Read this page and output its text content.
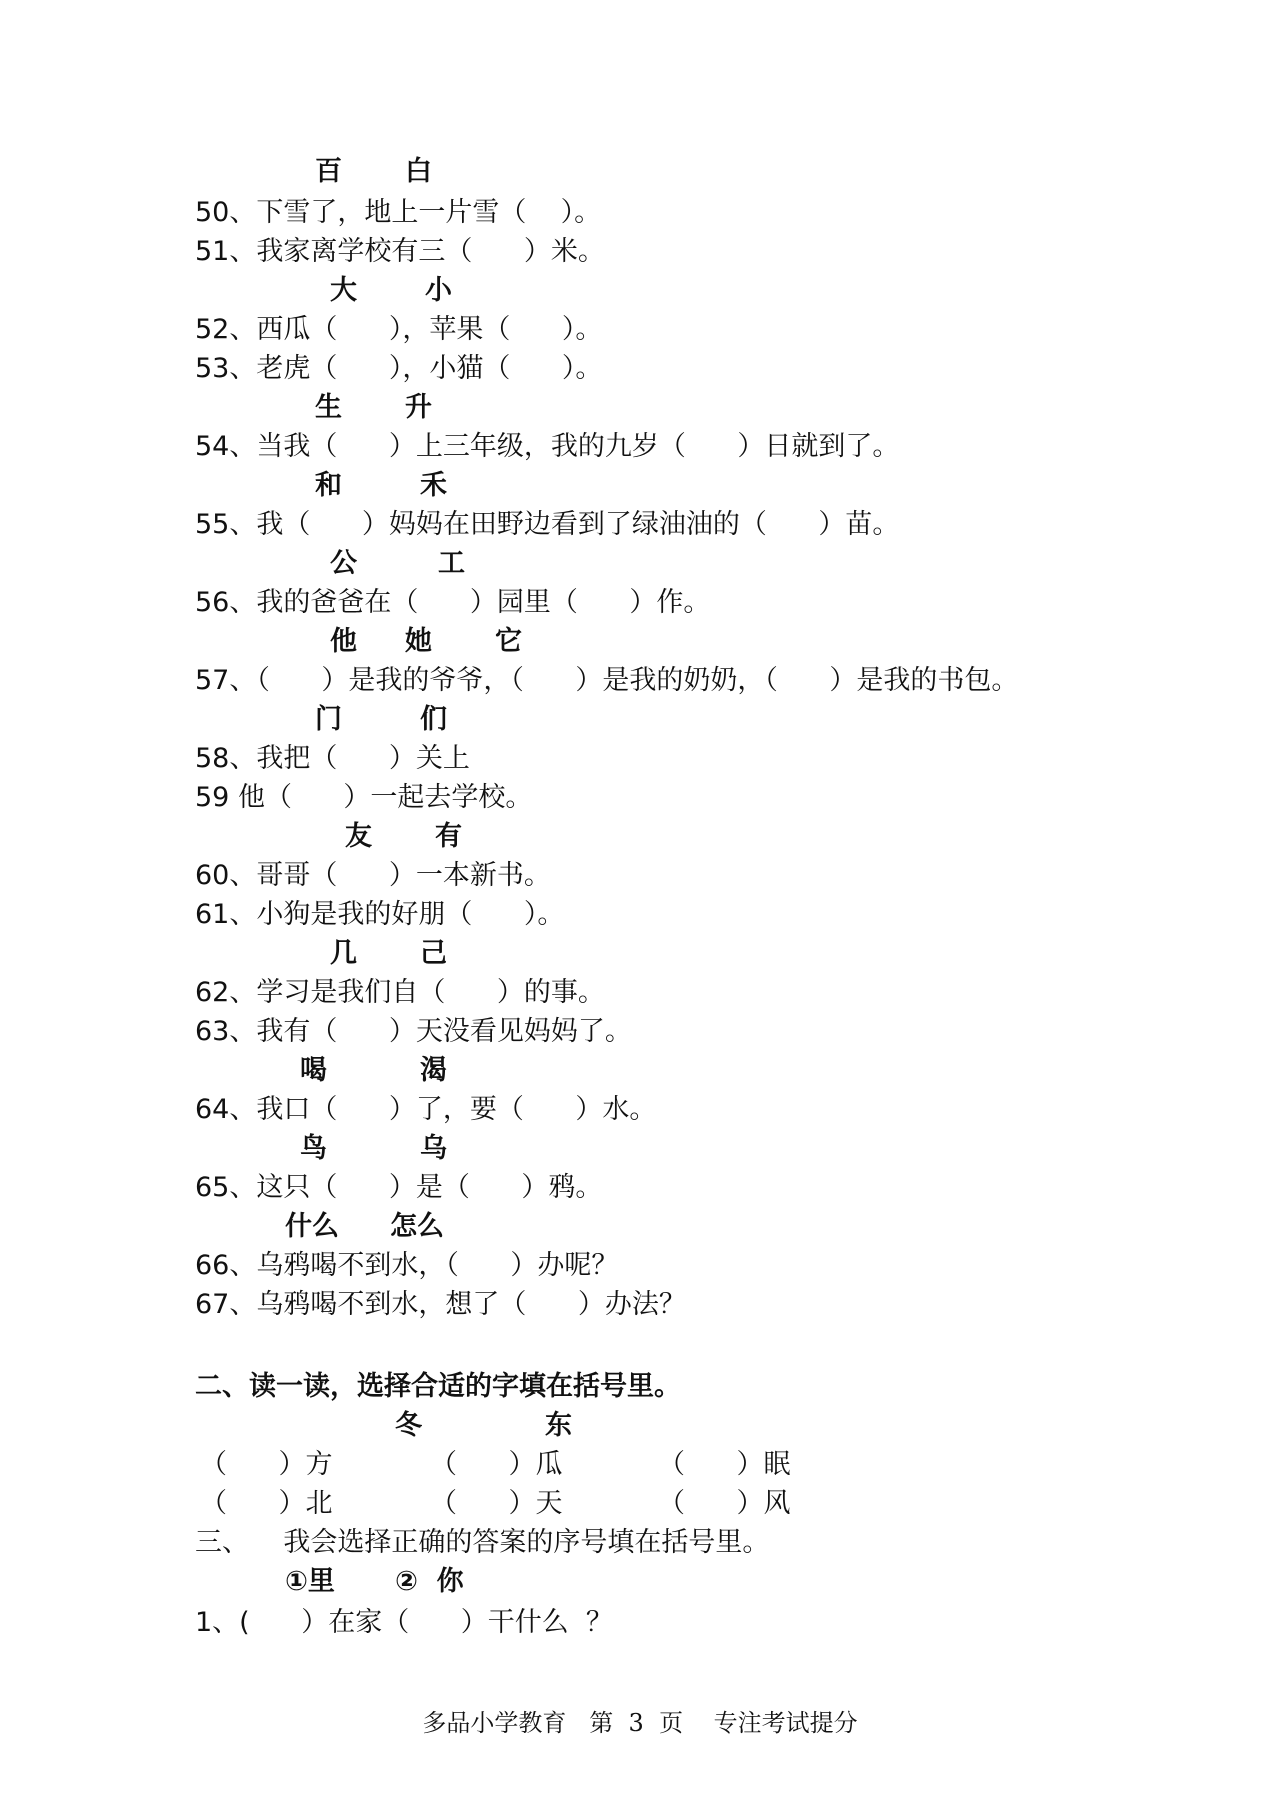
百 白
50、下雪了，地上一片雪（    ）。
51、我家离学校有三（      ）米。
大	小
52、西瓜（      ），苹果（      ）。
53、老虎（      ），小猫（      ）。
生 升
54、当我（      ）上三年级，我的九岁（      ）日就到了。
和	禾
55、我（      ）妈妈在田野边看到了绿油油的（      ）苗。
公	工
56、我的爸爸在（      ）园里（      ）作。
他 她 它
57、（      ）是我的爷爷，（      ）是我的奶奶，（      ）是我的书包。
门	们
58、我把（      ）关上
59 他（      ）一起去学校。
友 有
60、哥哥（      ）一本新书。
61、小狗是我的好朋（      ）。
几 己
62、学习是我们自（      ）的事。
63、我有（      ）天没看见妈妈了。
喝	渴
64、我口（      ）了，要（      ）水。
鸟	乌
65、这只（      ）是（      ）鸦。
什么 怎么
66、乌鸦喝不到水，（      ）办呢？
67、乌鸦喝不到水，想了（      ）办法？
二、读一读，选择合适的字填在括号里。
冬	东
（      ）方	（      ）瓜	（      ）眠
（      ）北	（      ）天	（      ）风
三、    我会选择正确的答案的序号填在括号里。
①里 ②  你
1、(      ）在家（      ）干什么  ？
多品小学教育   第  3  页    专注考试提分
